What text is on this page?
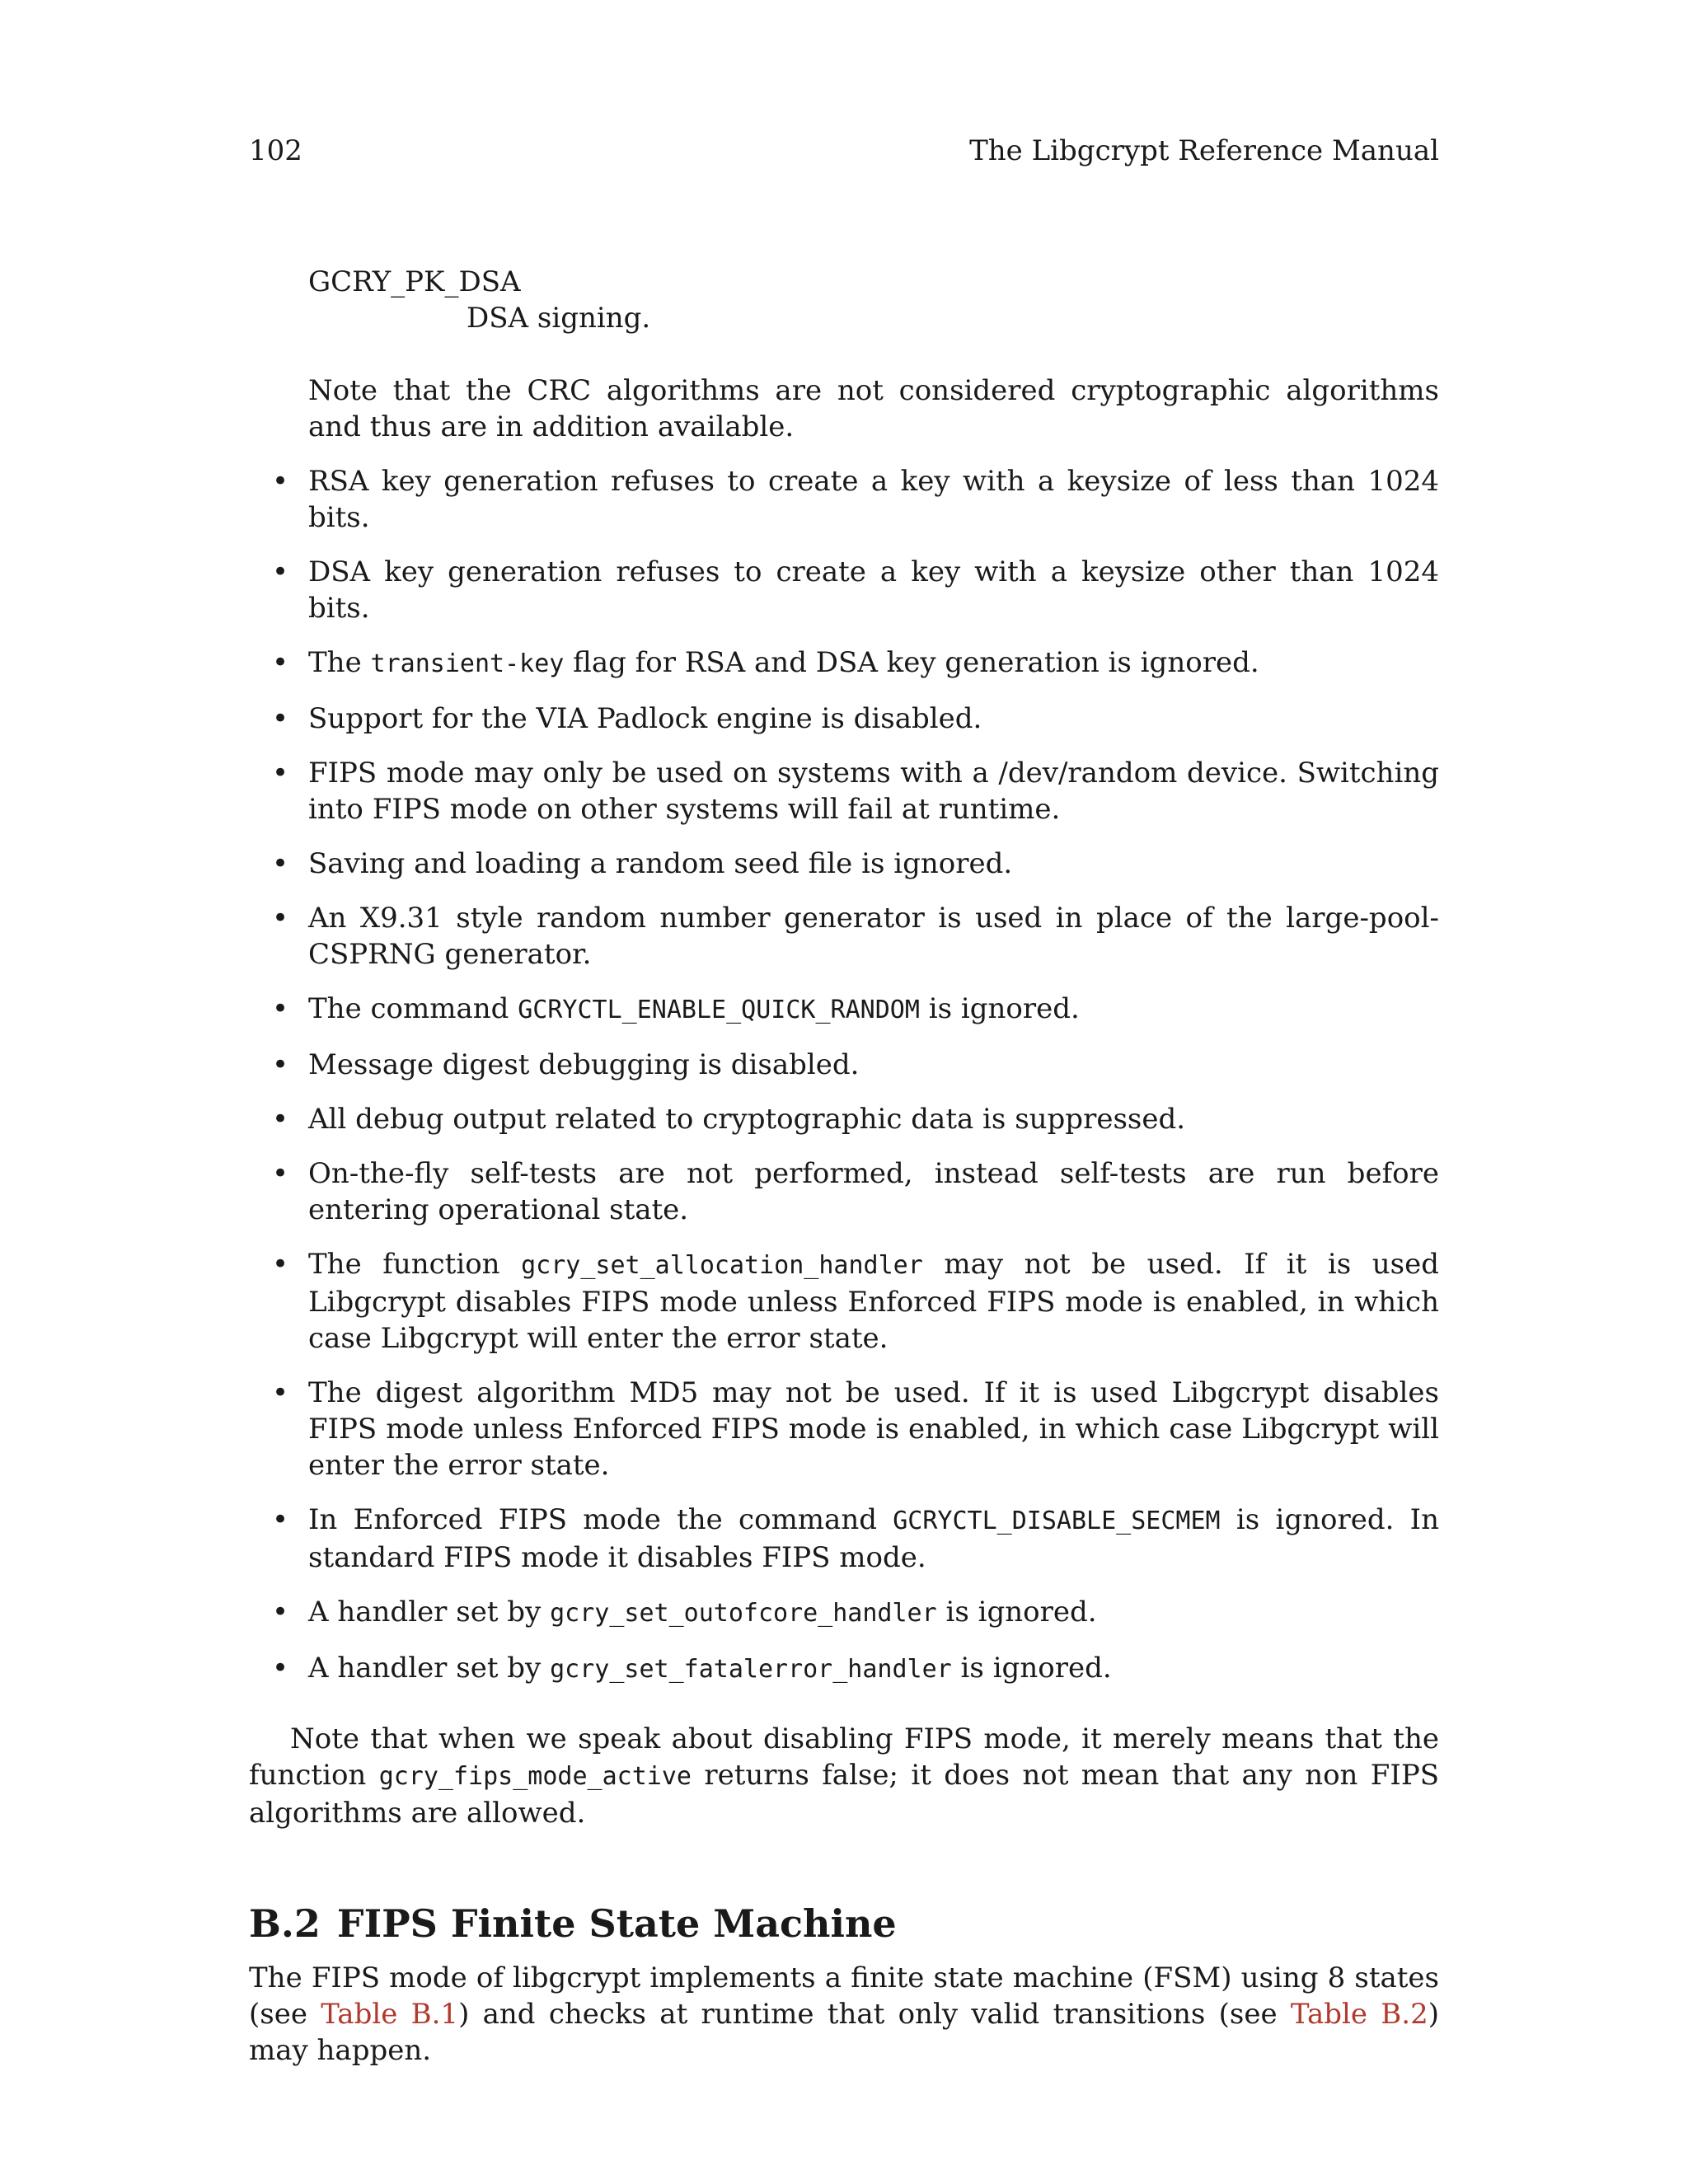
102	The Libgcrypt Reference Manual

GCRY_PK_DSA

DSA signing.

Note that the CRC algorithms are not considered cryptographic algorithms and thus are in addition available.

• RSA key generation refuses to create a key with a keysize of less than 1024 bits.
• DSA key generation refuses to create a key with a keysize other than 1024 bits.
• The transient-key flag for RSA and DSA key generation is ignored.
• Support for the VIA Padlock engine is disabled.
• FIPS mode may only be used on systems with a /dev/random device. Switching into FIPS mode on other systems will fail at runtime.
• Saving and loading a random seed file is ignored.
• An X9.31 style random number generator is used in place of the large-pool-CSPRNG generator.
• The command GCRYCTL_ENABLE_QUICK_RANDOM is ignored.
• Message digest debugging is disabled.
• All debug output related to cryptographic data is suppressed.
• On-the-fly self-tests are not performed, instead self-tests are run before entering operational state.
• The function gcry_set_allocation_handler may not be used. If it is used Libgcrypt disables FIPS mode unless Enforced FIPS mode is enabled, in which case Libgcrypt will enter the error state.
• The digest algorithm MD5 may not be used. If it is used Libgcrypt disables FIPS mode unless Enforced FIPS mode is enabled, in which case Libgcrypt will enter the error state.
• In Enforced FIPS mode the command GCRYCTL_DISABLE_SECMEM is ignored. In standard FIPS mode it disables FIPS mode.
• A handler set by gcry_set_outofcore_handler is ignored.
• A handler set by gcry_set_fatalerror_handler is ignored.

Note that when we speak about disabling FIPS mode, it merely means that the function gcry_fips_mode_active returns false; it does not mean that any non FIPS algorithms are allowed.

B.2 FIPS Finite State Machine

The FIPS mode of libgcrypt implements a finite state machine (FSM) using 8 states (see Table B.1) and checks at runtime that only valid transitions (see Table B.2) may happen.
